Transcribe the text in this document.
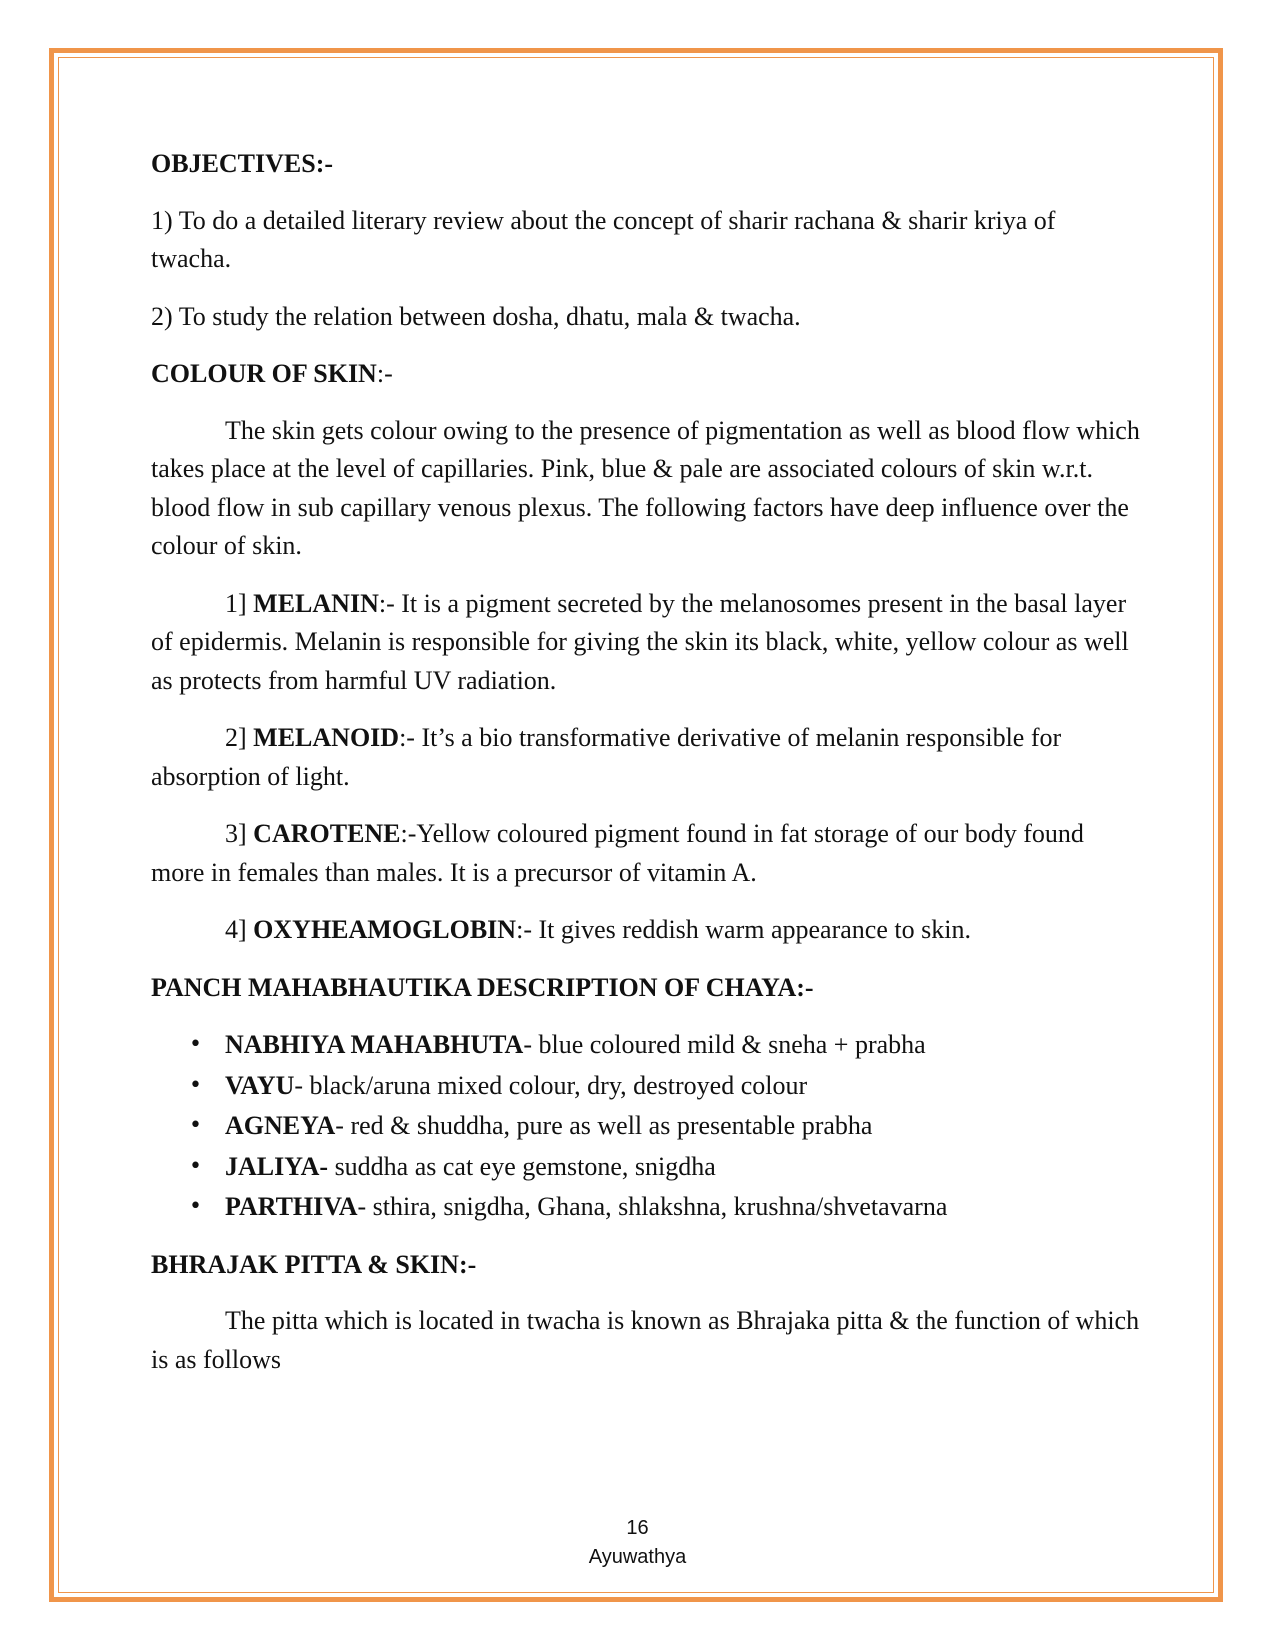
OBJECTIVES:-

1) To do a detailed literary review about the concept of sharir rachana & sharir kriya of twacha.

2) To study the relation between dosha, dhatu, mala & twacha.

COLOUR OF SKIN:-

The skin gets colour owing to the presence of pigmentation as well as blood flow which takes place at the level of capillaries. Pink, blue & pale are associated colours of skin w.r.t. blood flow in sub capillary venous plexus. The following factors have deep influence over the colour of skin.

1] MELANIN:- It is a pigment secreted by the melanosomes present in the basal layer of epidermis. Melanin is responsible for giving the skin its black, white, yellow colour as well as protects from harmful UV radiation.

2] MELANOID:- It’s a bio transformative derivative of melanin responsible for absorption of light.

3] CAROTENE:-Yellow coloured pigment found in fat storage of our body found more in females than males. It is a precursor of vitamin A.

4] OXYHEAMOGLOBIN:- It gives reddish warm appearance to skin.

PANCH MAHABHAUTIKA DESCRIPTION OF CHAYA:-
• NABHIYA MAHABHUTA- blue coloured mild & sneha + prabha
• VAYU- black/aruna mixed colour, dry, destroyed colour
• AGNEYA- red & shuddha, pure as well as presentable prabha
• JALIYA- suddha as cat eye gemstone, snigdha
• PARTHIVA- sthira, snigdha, Ghana, shlakshna, krushna/shvetavarna
BHRAJAK PITTA & SKIN:-

The pitta which is located in twacha is known as Bhrajaka pitta & the function of which is as follows

16
Ayuwathya
